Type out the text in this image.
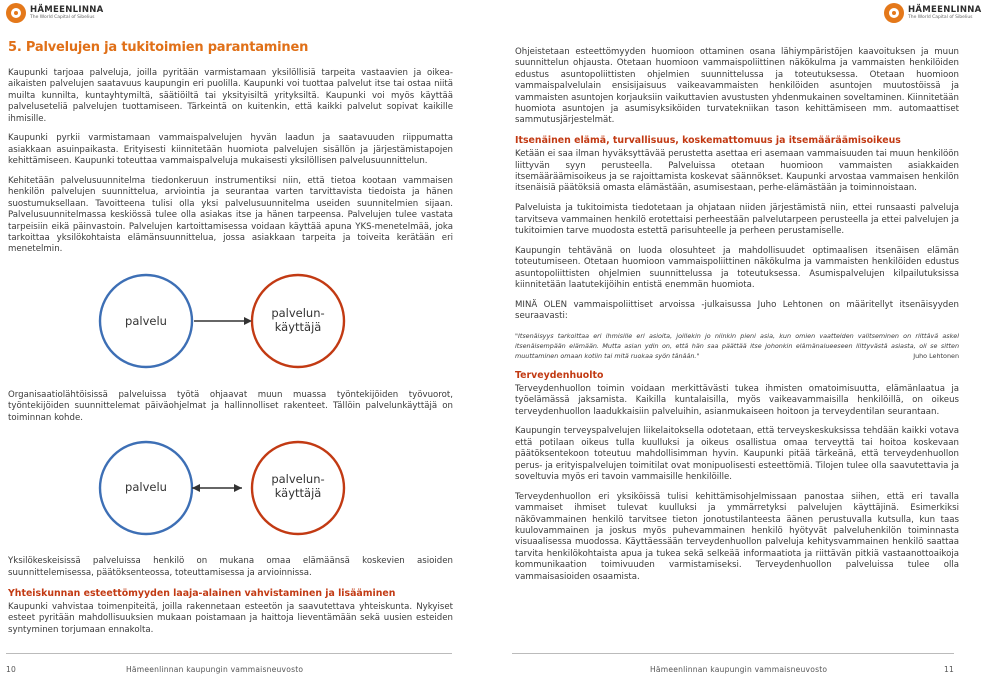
HÄMEENLINNA
The World Capital of Sibelius
HÄMEENLINNA
The World Capital of Sibelius
5. Palvelujen ja tukitoimien parantaminen

Kaupunki tarjoaa palveluja, joilla pyritään varmistamaan yksilöllisiä tarpeita vastaavien ja oikea-aikaisten palvelujen saatavuus kaupungin eri puolilla. Kaupunki voi tuottaa palvelut itse tai ostaa niitä muilta kunnilta, kuntayhtymiltä, säätiöiltä tai yksityisiltä yrityksiltä. Kaupunki voi myös käyttää palveluseteliä palvelujen tuottamiseen. Tärkeintä on kuitenkin, että kaikki palvelut sopivat kaikille ihmisille.

Kaupunki pyrkii varmistamaan vammaispalvelujen hyvän laadun ja saatavuuden riippumatta asiakkaan asuinpaikasta. Erityisesti kiinnitetään huomiota palvelujen sisällön ja järjestämistapojen kehittämiseen. Kaupunki toteuttaa vammaispalveluja mukaisesti yksilöllisen palvelusuunnittelun.

Kehitetään palvelusuunnitelma tiedonkeruun instrumentiksi niin, että tietoa kootaan vammaisen henkilön palvelujen suunnittelua, arviointia ja seurantaa varten tarvittavista tiedoista ja hänen suostumuksellaan. Tavoitteena tulisi olla yksi palvelusuunnitelma useiden suunnitelmien sijaan. Palvelusuunnitelmassa keskiössä tulee olla asiakas itse ja hänen tarpeensa. Palvelujen tulee vastata tarpeisiin eikä päinvastoin. Palvelujen kartoittamisessa voidaan käyttää apuna YKS-menetelmää, joka tarkoittaa yksilökohtaista elämänsuunnittelua, jossa asiakkaan tarpeita ja toiveita kerätään eri menetelmin.

palvelu
palvelun-
käyttäjä

Organisaatiolähtöisissä palveluissa työtä ohjaavat muun muassa työntekijöiden työvuorot, työntekijöiden suunnittelemat päiväohjelmat ja hallinnolliset rakenteet. Tällöin palvelunkäyttäjä on toiminnan kohde.

palvelu
palvelun-
käyttäjä

Yksilökeskeisissä palveluissa henkilö on mukana omaa elämäänsä koskevien asioiden suunnittelemisessa, päätöksenteossa, toteuttamisessa ja arvioinnissa.

Yhteiskunnan esteettömyyden laaja-alainen vahvistaminen ja lisääminen

Kaupunki vahvistaa toimenpiteitä, joilla rakennetaan esteetön ja saavutettava yhteiskunta. Nykyiset esteet pyritään mahdollisuuksien mukaan poistamaan ja haittoja lieventämään sekä uusien esteiden syntyminen torjumaan ennakolta.

Ohjeistetaan esteettömyyden huomioon ottaminen osana lähiympäristöjen kaavoituksen ja muun suunnittelun ohjausta. Otetaan huomioon vammaispoliittinen näkökulma ja vammaisten henkilöiden edustus asuntopoliittisten ohjelmien suunnittelussa ja toteutuksessa. Otetaan huomioon vammaispalvelulain ensisijaisuus vaikeavammaisten henkilöiden asuntojen muutostöissä ja vammaisten asuntojen korjauksiin vaikuttavien avustusten yhdenmukainen soveltaminen. Kiinnitetään huomiota asuntojen ja asumisyksiköiden turvatekniikan tason kehittämiseen mm. automaattiset sammutusjärjestelmät.

Itsenäinen elämä, turvallisuus, koskemattomuus ja itsemääräämisoikeus

Ketään ei saa ilman hyväksyttävää perustetta asettaa eri asemaan vammaisuuden tai muun henkilöön liittyvän syyn perusteella. Palveluissa otetaan huomioon vammaisten asiakkaiden itsemääräämisoikeus ja se rajoittamista koskevat säännökset. Kaupunki arvostaa vammaisen henkilön itsenäisiä päätöksiä omasta elämästään, asumisestaan, perhe-elämästään ja toiminnoistaan.

Palveluista ja tukitoimista tiedotetaan ja ohjataan niiden järjestämistä niin, ettei runsaasti palveluja tarvitseva vammainen henkilö erotettaisi perheestään palvelutarpeen perusteella ja ettei palvelujen ja tukitoimien tarve muodosta estettä parisuhteelle ja perheen perustamiselle.

Kaupungin tehtävänä on luoda olosuhteet ja mahdollisuudet optimaalisen itsenäisen elämän toteutumiseen. Otetaan huomioon vammaispoliittinen näkökulma ja vammaisten henkilöiden edustus asuntopoliittisten ohjelmien suunnittelussa ja toteutuksessa. Asumispalvelujen kilpailutuksissa kiinnitetään laatutekijöihin entistä enemmän huomiota.

MINÄ OLEN vammaispoliittiset arvoissa -julkaisussa Juho Lehtonen on määritellyt itsenäisyyden seuraavasti:

"Itsenäisyys tarkoittaa eri ihmisille eri asioita, joillekin jo niinkin pieni asia, kun omien vaatteiden valitseminen on riittävä askel itsenäisempään elämään. Mutta asian ydin on, että hän saa päättää itse johonkin elämänalueeseen liittyvästä asiasta, oli se sitten muuttaminen omaan kotiin tai mitä ruokaa syön tänään."	Juho Lehtonen
Terveydenhuolto

Terveydenhuollon toimin voidaan merkittävästi tukea ihmisten omatoimisuutta, elämänlaatua ja työelämässä jaksamista. Kaikilla kuntalaisilla, myös vaikeavammaisilla henkilöillä, on oikeus terveydenhuollon laadukkaisiin palveluihin, asianmukaiseen hoitoon ja terveydentilan seurantaan.

Kaupungin terveyspalvelujen liikelaitoksella odotetaan, että terveyskeskuksissa tehdään kaikki votava että potilaan oikeus tulla kuulluksi ja oikeus osallistua omaa terveyttä tai hoitoa koskevaan päätöksentekoon toteutuu mahdollisimman hyvin. Kaupunki pitää tärkeänä, että terveydenhuollon perus- ja erityispalvelujen toimitilat ovat monipuolisesti esteettömiä. Tilojen tulee olla saavutettavia ja soveltuvia myös eri tavoin vammaisille henkilöille.

Terveydenhuollon eri yksiköissä tulisi kehittämisohjelmissaan panostaa siihen, että eri tavalla vammaiset ihmiset tulevat kuulluksi ja ymmärretyksi palvelujen käyttäjinä. Esimerkiksi näkövammainen henkilö tarvitsee tieton jonotustilanteesta äänen perustuvalla kutsulla, kun taas kuulovammainen ja joskus myös puhevammainen henkilö hyötyvät palveluhenkilön toiminnasta visuaalisessa muodossa. Käyttäessään terveydenhuollon palveluja kehitysvammainen henkilö saattaa tarvita henkilökohtaista apua ja tukea sekä selkeää informaatiota ja riittävän pitkiä vastaanottoaikoja kommunikaation toimivuuden varmistamiseksi. Terveydenhuollon palveluissa tulee olla vammaisasioiden osaamista.

10	Hämeenlinnan kaupungin vammaisneuvosto	Hämeenlinnan kaupungin vammaisneuvosto	11
